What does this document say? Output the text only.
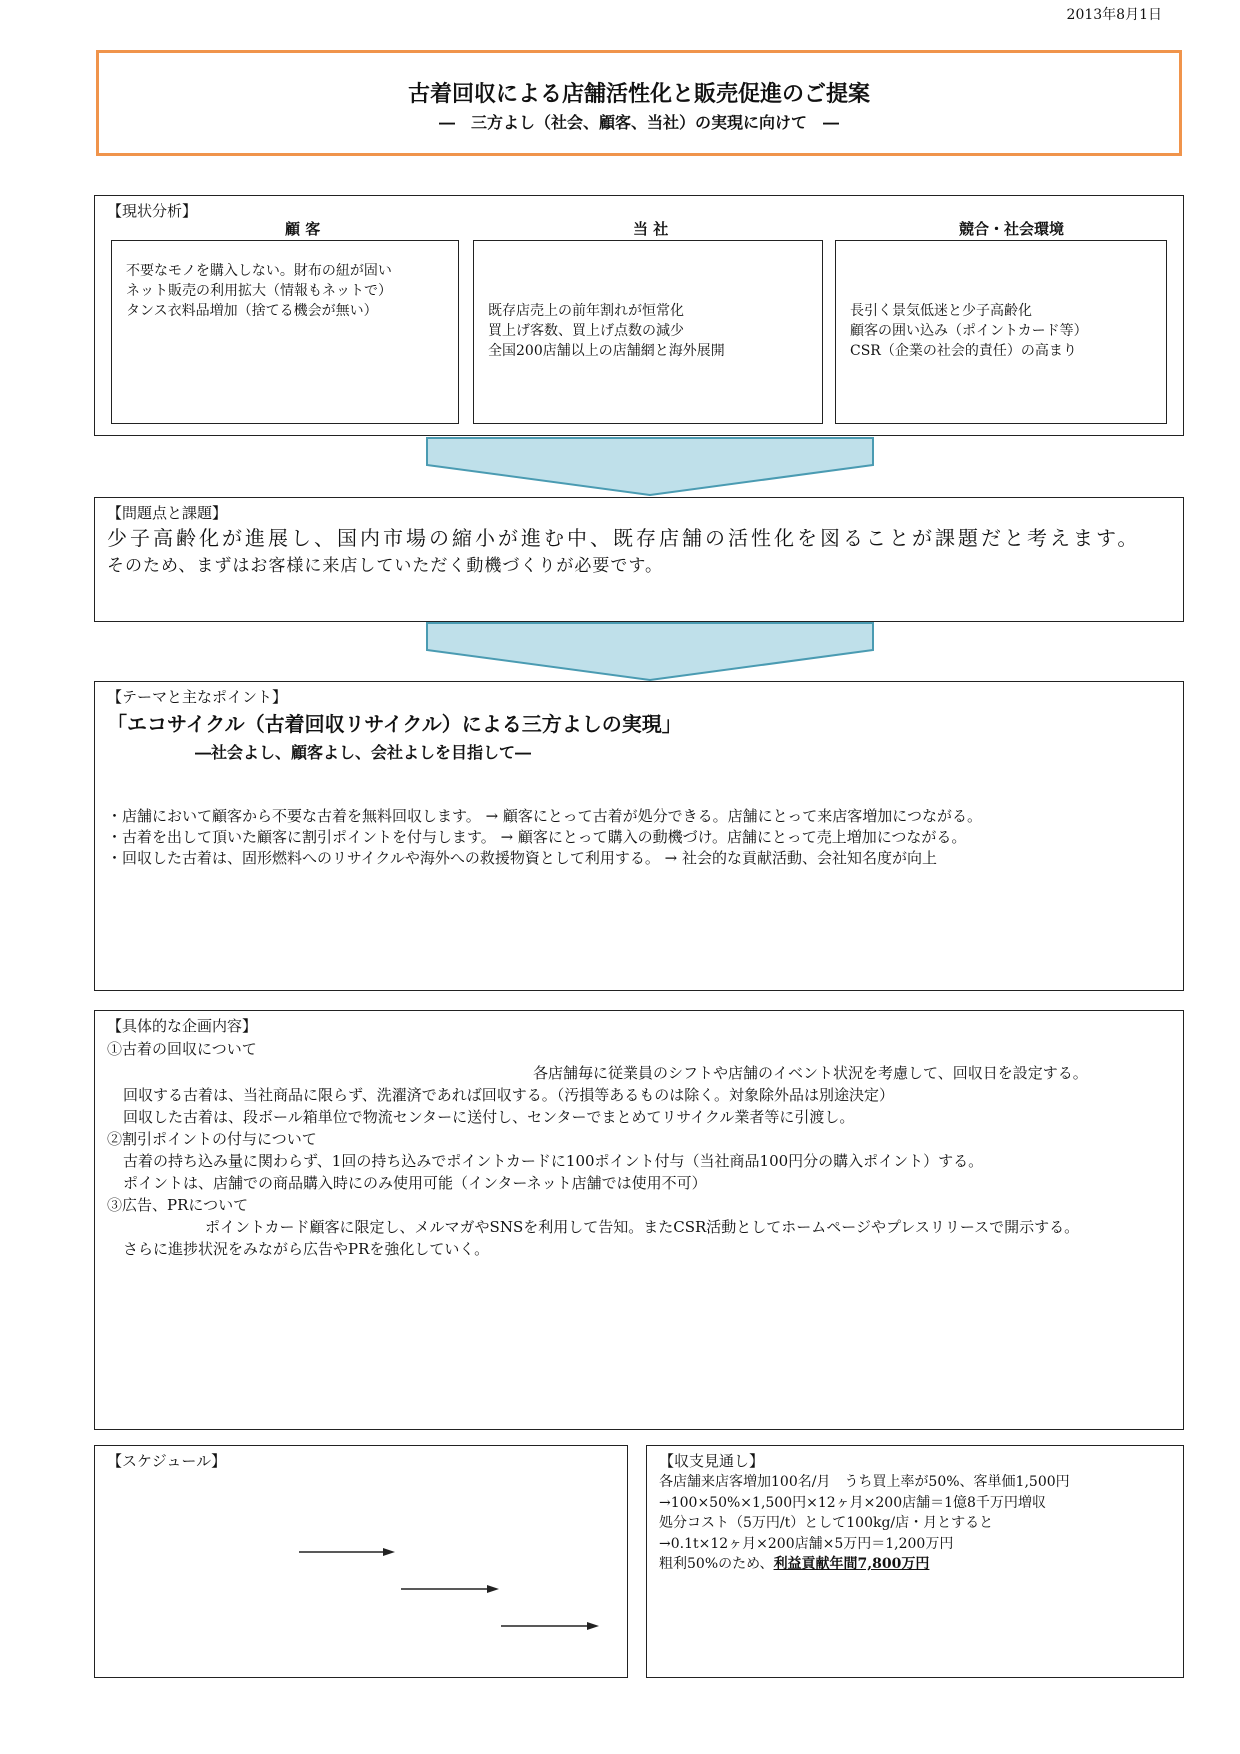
2013年8月1日
古着回収による店舗活性化と販売促進のご提案
―　三方よし（社会、顧客、当社）の実現に向けて　―
【現状分析】
顧 客
不要なモノを購入しない。財布の紐が固い
ネット販売の利用拡大（情報もネットで）
タンス衣料品増加（捨てる機会が無い）
当 社
既存店売上の前年割れが恒常化
買上げ客数、買上げ点数の減少
全国200店舗以上の店舗網と海外展開
競合・社会環境
長引く景気低迷と少子高齢化
顧客の囲い込み（ポイントカード等）
CSR（企業の社会的責任）の高まり
【問題点と課題】
少子高齢化が進展し、国内市場の縮小が進む中、既存店舗の活性化を図ることが課題だと考えます。
そのため、まずはお客様に来店していただく動機づくりが必要です。
【テーマと主なポイント】
「エコサイクル（古着回収リサイクル）による三方よしの実現」
―社会よし、顧客よし、会社よしを目指して―
・店舗において顧客から不要な古着を無料回収します。 → 顧客にとって古着が処分できる。店舗にとって来店客増加につながる。
・古着を出して頂いた顧客に割引ポイントを付与します。 → 顧客にとって購入の動機づけ。店舗にとって売上増加につながる。
・回収した古着は、固形燃料へのリサイクルや海外への救援物資として利用する。 → 社会的な貢献活動、会社知名度が向上
【具体的な企画内容】
①古着の回収について
各店舗毎に従業員のシフトや店舗のイベント状況を考慮して、回収日を設定する。
回収する古着は、当社商品に限らず、洗濯済であれば回収する。（汚損等あるものは除く。対象除外品は別途決定）
回収した古着は、段ボール箱単位で物流センターに送付し、センターでまとめてリサイクル業者等に引渡し。
②割引ポイントの付与について
古着の持ち込み量に関わらず、1回の持ち込みでポイントカードに100ポイント付与（当社商品100円分の購入ポイント）する。
ポイントは、店舗での商品購入時にのみ使用可能（インターネット店舗では使用不可）
③広告、PRについて
ポイントカード顧客に限定し、メルマガやSNSを利用して告知。またCSR活動としてホームページやプレスリリースで開示する。
さらに進捗状況をみながら広告やPRを強化していく。
【スケジュール】	【収支見通し】
各店舗来店客増加100名/月　うち買上率が50%、客単価1,500円
→100×50%×1,500円×12ヶ月×200店舗＝1億8千万円増収
処分コスト（5万円/t）として100kg/店・月とすると
→0.1t×12ヶ月×200店舗×5万円＝1,200万円
粗利50%のため、利益貢献年間7,800万円
